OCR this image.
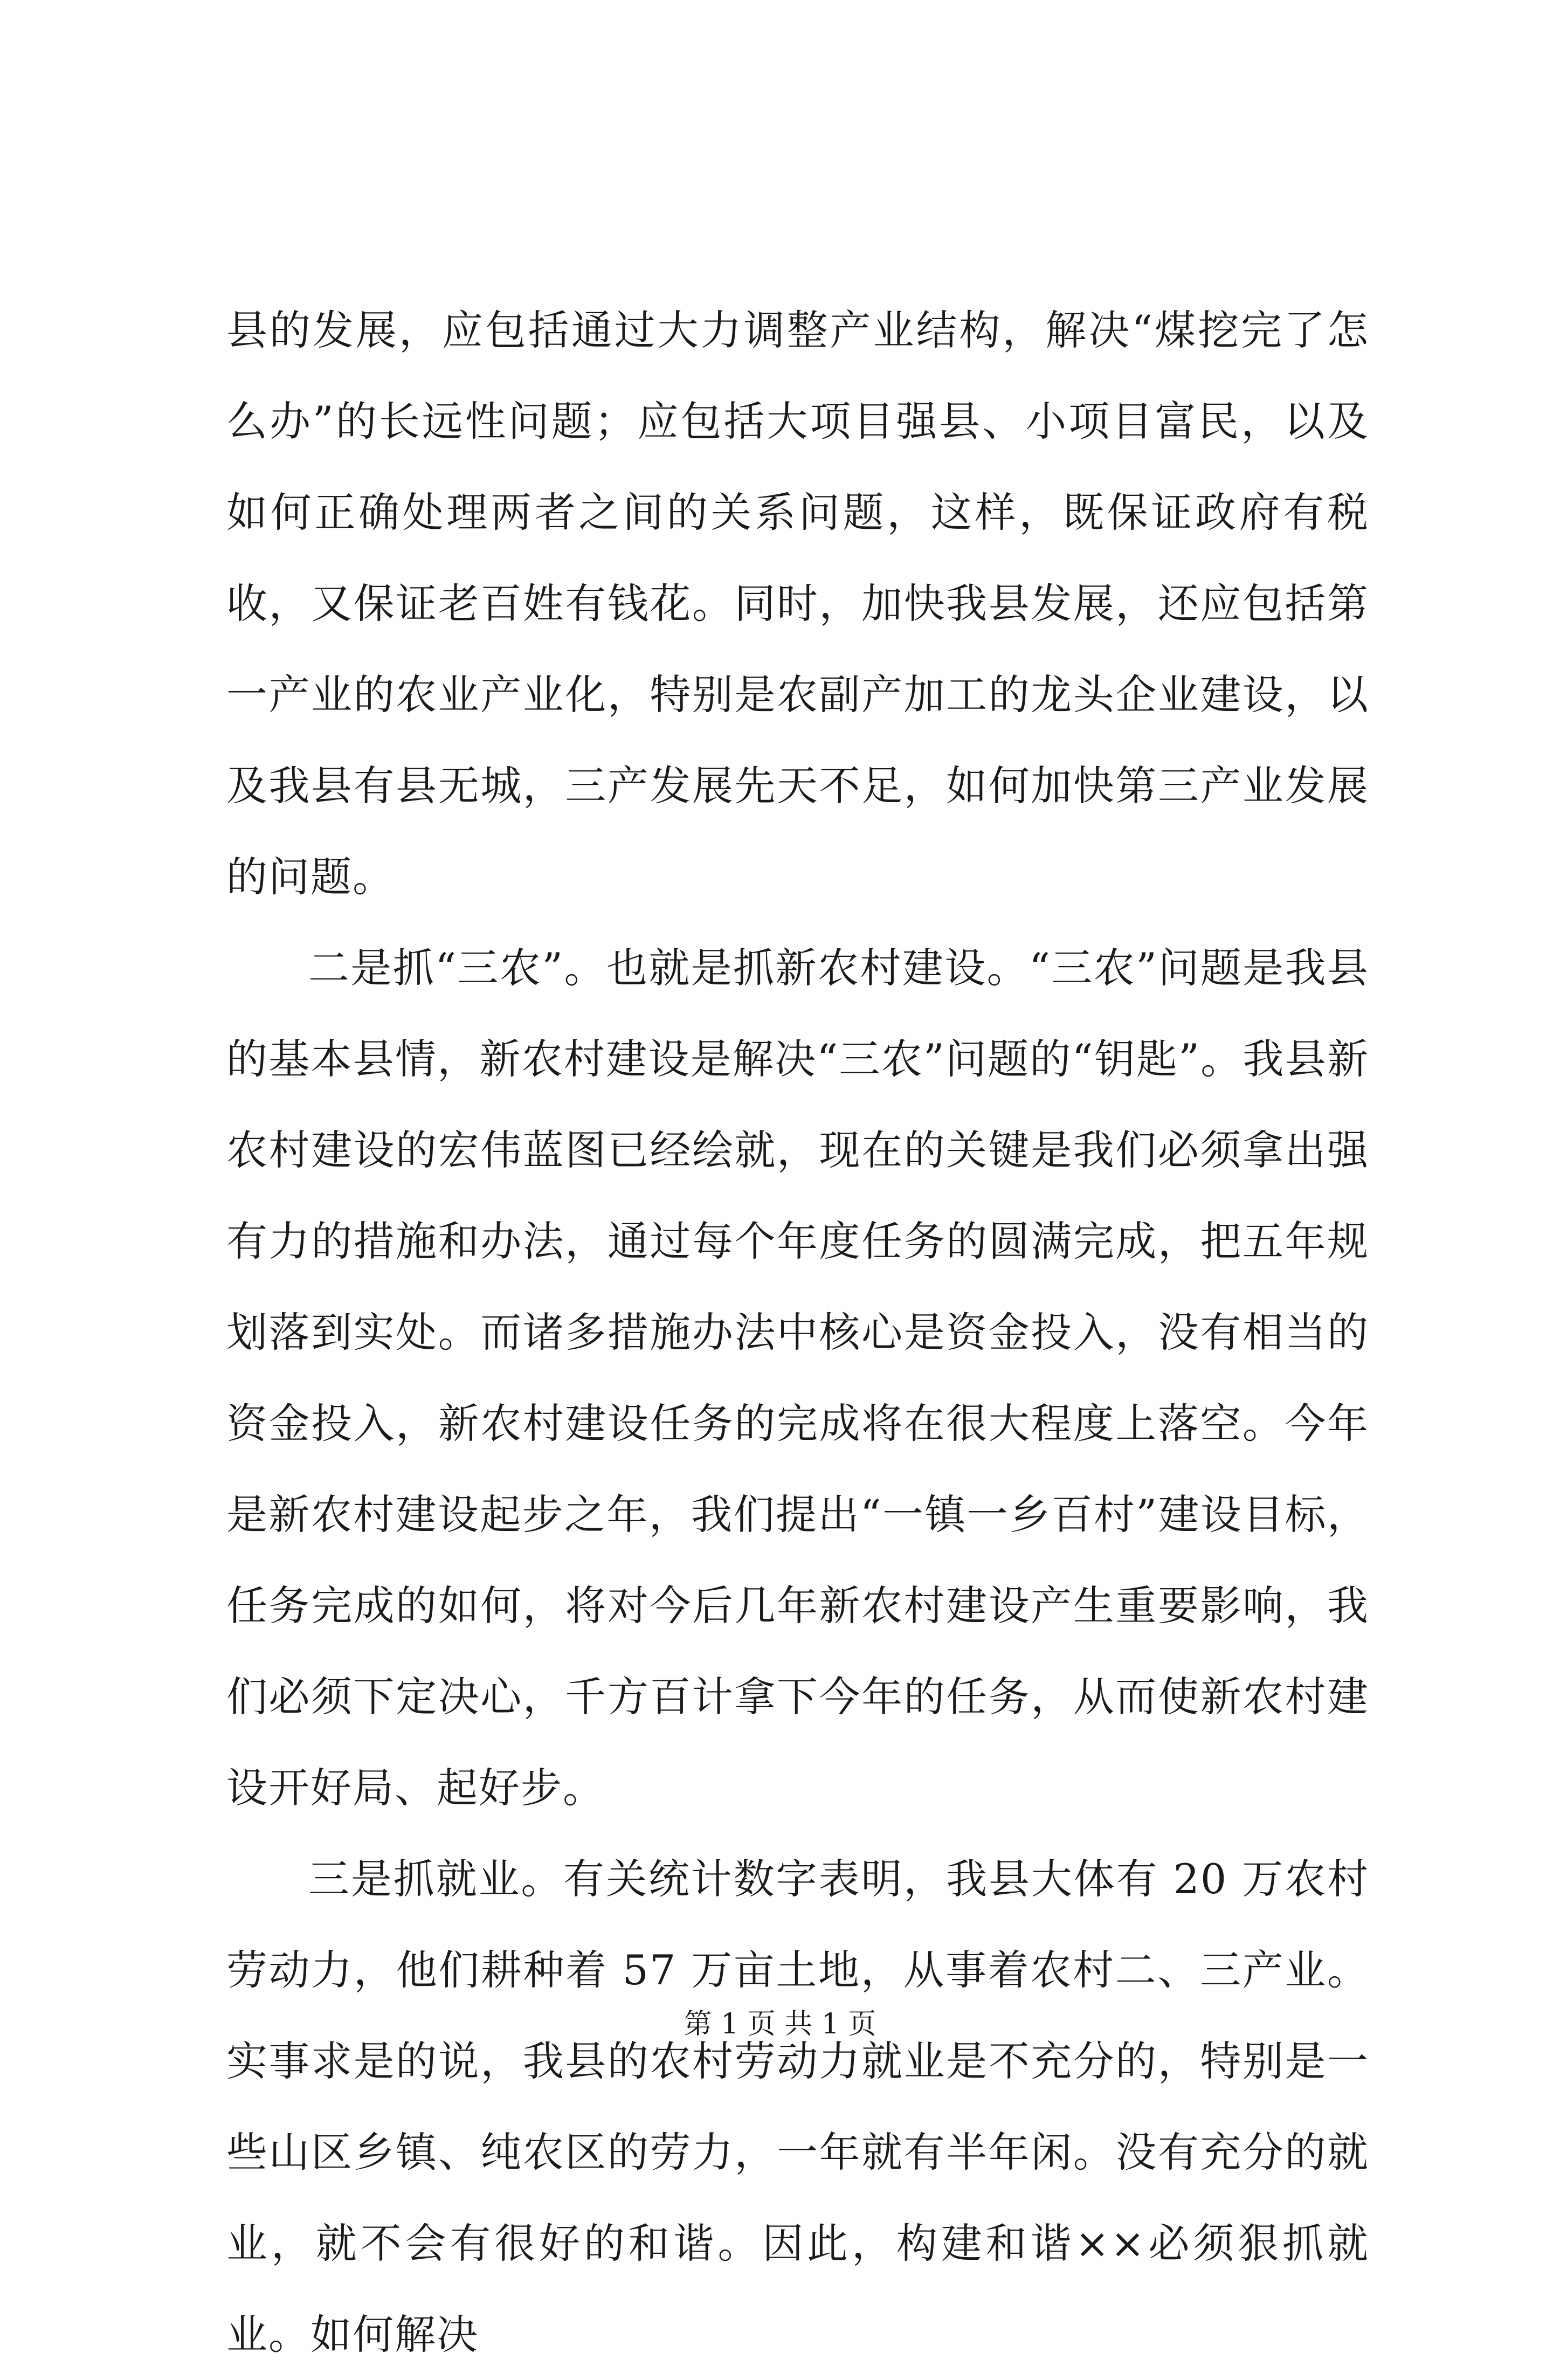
县的发展，应包括通过大力调整产业结构，解决“煤挖完了怎么办”的长远性问题；应包括大项目强县、小项目富民，以及如何正确处理两者之间的关系问题，这样，既保证政府有税收，又保证老百姓有钱花。同时，加快我县发展，还应包括第一产业的农业产业化，特别是农副产加工的龙头企业建设，以及我县有县无城，三产发展先天不足，如何加快第三产业发展的问题。

二是抓“三农”。也就是抓新农村建设。“三农”问题是我县的基本县情，新农村建设是解决“三农”问题的“钥匙”。我县新农村建设的宏伟蓝图已经绘就，现在的关键是我们必须拿出强有力的措施和办法，通过每个年度任务的圆满完成，把五年规划落到实处。而诸多措施办法中核心是资金投入，没有相当的资金投入，新农村建设任务的完成将在很大程度上落空。今年是新农村建设起步之年，我们提出“一镇一乡百村”建设目标，任务完成的如何，将对今后几年新农村建设产生重要影响，我们必须下定决心，千方百计拿下今年的任务，从而使新农村建设开好局、起好步。

三是抓就业。有关统计数字表明，我县大体有 20 万农村劳动力，他们耕种着 57 万亩土地，从事着农村二、三产业。实事求是的说，我县的农村劳动力就业是不充分的，特别是一些山区乡镇、纯农区的劳力，一年就有半年闲。没有充分的就业，就不会有很好的和谐。因此，构建和谐××必须狠抓就业。如何解决

第 1 页 共 1 页
